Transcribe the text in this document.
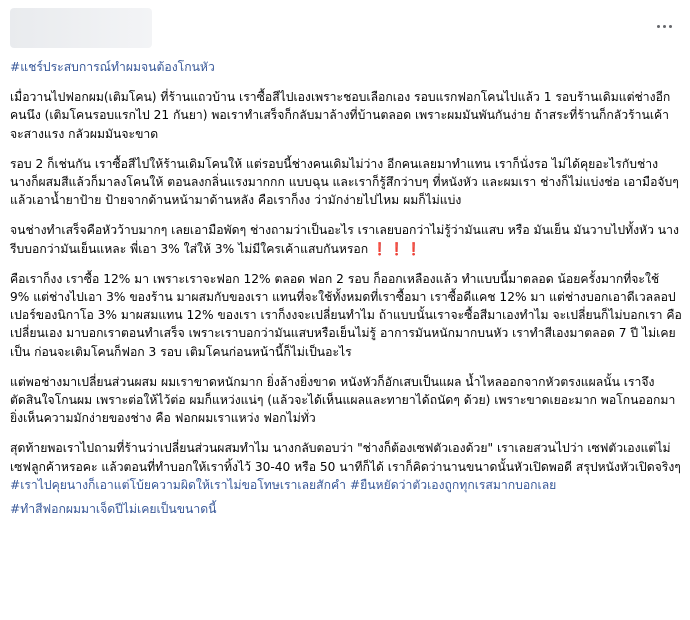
#แชร์ประสบการณ์ทำผมจนต้องโกนหัว

เมื่อวานไปฟอกผม(เติมโคน) ที่ร้านแถวบ้าน เราซื้อสีไปเองเพราะชอบเลือกเอง รอบแรกฟอกโคนไปแล้ว 1 รอบร้านเดิมแต่ช่างอีกคนนึง (เติมโคนรอบแรกไป 21 กันยา) พอเราทำเสร็จก็กลับมาล้างที่บ้านตลอด เพราะผมมันพันกันง่าย ถ้าสระที่ร้านก็กลัวร้านเค้าจะสางแรง กลัวผมมันจะขาด

รอบ 2 ก็เช่นกัน เราซื้อสีไปให้ร้านเดิมโคนให้ แต่รอบนี้ช่างคนเดิมไม่ว่าง อีกคนเลยมาทำแทน เราก็นั่งรอ ไม่ได้คุยอะไรกับช่าง นางก็ผสมสีแล้วก็มาลงโคนให้ ตอนลงกลิ่นแรงมากกก แบบฉุน และเราก็รู้สึกว่าบๆ ที่หนังหัว และผมเรา ช่างก็ไม่แบ่งช่อ เอามือจับๆ แล้วเอาน้ำยาป้าย ป้ายจากด้านหน้ามาด้านหลัง คือเราก็งง ว่ามักง่ายไปไหม ผมก็ไม่แบ่ง

จนช่างทำเสร็จคือหัวว้าบมากๆ เลยเอามือพัดๆ ช่างถามว่าเป็นอะไร เราเลยบอกว่าไม่รู้ว่ามันแสบ หรือ มันเย็น มันวาบไปทั้งหัว นางรีบบอกว่ามันเย็นแหละ พี่เอา 3% ใส่ให้ 3% ไม่มีใครเค้าแสบกันหรอก ❗❗❗

คือเราก็งง เราซื้อ 12% มา เพราะเราจะฟอก 12% ตลอด ฟอก 2 รอบ ก็ออกเหลืองแล้ว ทำแบบนี้มาตลอด น้อยครั้งมากที่จะใช้ 9% แต่ช่างไปเอา 3% ของร้าน มาผสมกับของเรา แทนที่จะใช้ทั้งหมดที่เราซื้อมา เราซื้อดีแคช 12% มา แต่ช่างบอกเอาดีเวลลอปเปอร์ของนิกาโอ 3% มาผสมแทน 12% ของเรา เราก็งงจะเปลี่ยนทำไม ถ้าแบบนั้นเราจะซื้อสีมาเองทำไม จะเปลี่ยนก็ไม่บอกเรา คือเปลี่ยนเอง มาบอกเราตอนทำเสร็จ เพราะเราบอกว่ามันแสบหรือเย็นไม่รู้ อาการมันหนักมากบนหัว เราทำสีเองมาตลอด 7 ปี ไม่เคยเป็น ก่อนจะเติมโคนก็ฟอก 3 รอบ เติมโคนก่อนหน้านี้ก็ไม่เป็นอะไร

แต่พอช่างมาเปลี่ยนส่วนผสม ผมเราขาดหนักมาก ยิ่งล้างยิ่งขาด หนังหัวก็อักเสบเป็นแผล น้ำไหลออกจากหัวตรงแผลนั้น เราจึงตัดสินใจโกนผม เพราะต่อให้ไว้ต่อ ผมก็แหว่งแน่ๆ (แล้วจะได้เห็นแผลและทายาได้ถนัดๆ ด้วย) เพราะขาดเยอะมาก พอโกนออกมายิ่งเห็นความมักง่ายของช่าง คือ ฟอกผมเราแหว่ง ฟอกไม่ทั่ว

สุดท้ายพอเราไปถามที่ร้านว่าเปลี่ยนส่วนผสมทำไม นางกลับตอบว่า "ช่างก็ต้องเซฟตัวเองด้วย" เราเลยสวนไปว่า เซฟตัวเองแต่ไม่เซฟลูกค้าหรอคะ แล้วตอนที่ทำบอกให้เราทิ้งไว้ 30-40 หรือ 50 นาทีก็ได้ เราก็คิดว่านานขนาดนั้นหัวเปิดพอดี สรุปหนังหัวเปิดจริงๆ

#เราไปคุยนางก็เอาแต่โบ้ยความผิดให้เราไม่ขอโทษเราเลยสักคำ #ยืนหยัดว่าตัวเองถูกทุกเรสมากบอกเลย

#ทำสีฟอกผมมาเจ็ดปีไม่เคยเป็นขนาดนี้
